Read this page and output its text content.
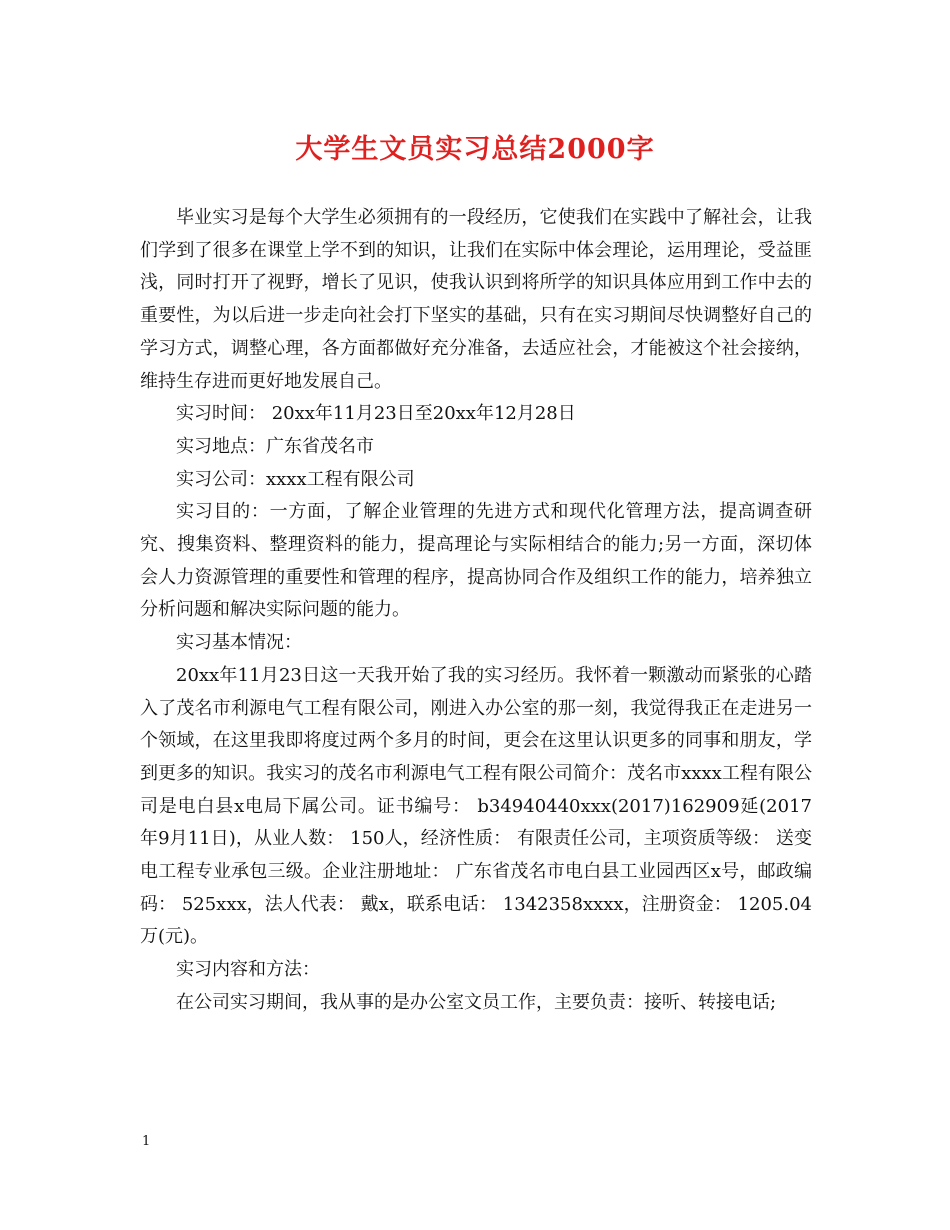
大学生文员实习总结2000字

毕业实习是每个大学生必须拥有的一段经历，它使我们在实践中了解社会，让我们学到了很多在课堂上学不到的知识，让我们在实际中体会理论，运用理论，受益匪浅，同时打开了视野，增长了见识，使我认识到将所学的知识具体应用到工作中去的重要性，为以后进一步走向社会打下坚实的基础，只有在实习期间尽快调整好自己的学习方式，调整心理，各方面都做好充分准备，去适应社会，才能被这个社会接纳，维持生存进而更好地发展自己。

实习时间： 20xx年11月23日至20xx年12月28日

实习地点：广东省茂名市

实习公司：xxxx工程有限公司

实习目的：一方面，了解企业管理的先进方式和现代化管理方法，提高调查研究、搜集资料、整理资料的能力，提高理论与实际相结合的能力;另一方面，深切体会人力资源管理的重要性和管理的程序，提高协同合作及组织工作的能力，培养独立分析问题和解决实际问题的能力。

实习基本情况：

20xx年11月23日这一天我开始了我的实习经历。我怀着一颗激动而紧张的心踏入了茂名市利源电气工程有限公司，刚进入办公室的那一刻，我觉得我正在走进另一个领域，在这里我即将度过两个多月的时间，更会在这里认识更多的同事和朋友，学到更多的知识。我实习的茂名市利源电气工程有限公司简介：茂名市xxxx工程有限公司是电白县x电局下属公司。证书编号： b34940440xxx(2017)162909延(2017年9月11日)，从业人数： 150人，经济性质： 有限责任公司，主项资质等级： 送变电工程专业承包三级。企业注册地址： 广东省茂名市电白县工业园西区x号，邮政编码： 525xxx，法人代表： 戴x，联系电话： 1342358xxxx，注册资金： 1205.04万(元)。

实习内容和方法：

在公司实习期间，我从事的是办公室文员工作，主要负责：接听、转接电话;

1
